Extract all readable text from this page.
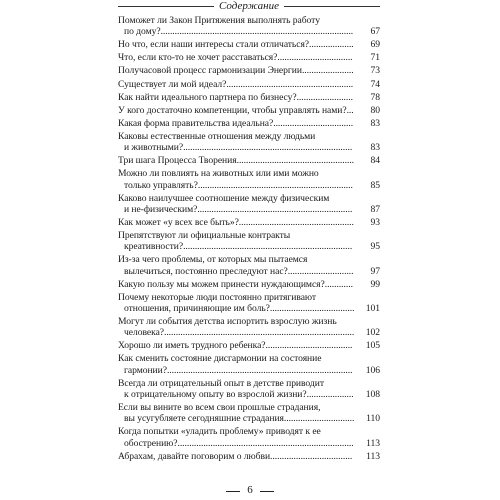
Содержание
Поможет ли Закон Притяжения выполнять работу
по дому?..................................................................................	67
Но что, если наши интересы стали отличаться?...................	69
Что, если кто-то не хочет расставаться?................................	71
Получасовой процесс гармонизации Энергии......................	73
Существует ли мой идеал?......................................................	74
Как найти идеального партнера по бизнесу?........................	78
У кого достаточно компетенции, чтобы управлять нами?...	80
Какая форма правительства идеальна?..................................	83
Каковы естественные отношения между людьми
и животными?........................................................................	83
Три шага Процесса Творения..................................................	84
Можно ли повлиять на животных или ими можно
только управлять?..................................................................	85
Каково наилучшее соотношение между физическим
и не-физическим?..................................................................	87
Как может «у всех все быть»?.................................................	93
Препятствуют ли официальные контракты
креативности?........................................................................	95
Из-за чего проблемы, от которых мы пытаемся
вылечиться, постоянно преследуют нас?............................	97
Какую пользу мы можем принести нуждающимся?............	99
Почему некоторые люди постоянно притягивают
отношения, причиняющие им боль?....................................	101
Могут ли события детства испортить взрослую жизнь
человека?.................................................................................	102
Хорошо ли иметь трудного ребенка?.....................................	105
Как сменить состояние дисгармонии на состояние
гармонии?...............................................................................	106
Всегда ли отрицательный опыт в детстве приводит
к отрицательному опыту во взрослой жизни?....................	108
Если вы вините во всем свои прошлые страдания,
вы усугубляете сегодняшние страдания..............................	110
Когда попытки «уладить проблему» приводят к ее
обострению?...........................................................................	113
Абрахам, давайте поговорим о любви...................................	113
6
